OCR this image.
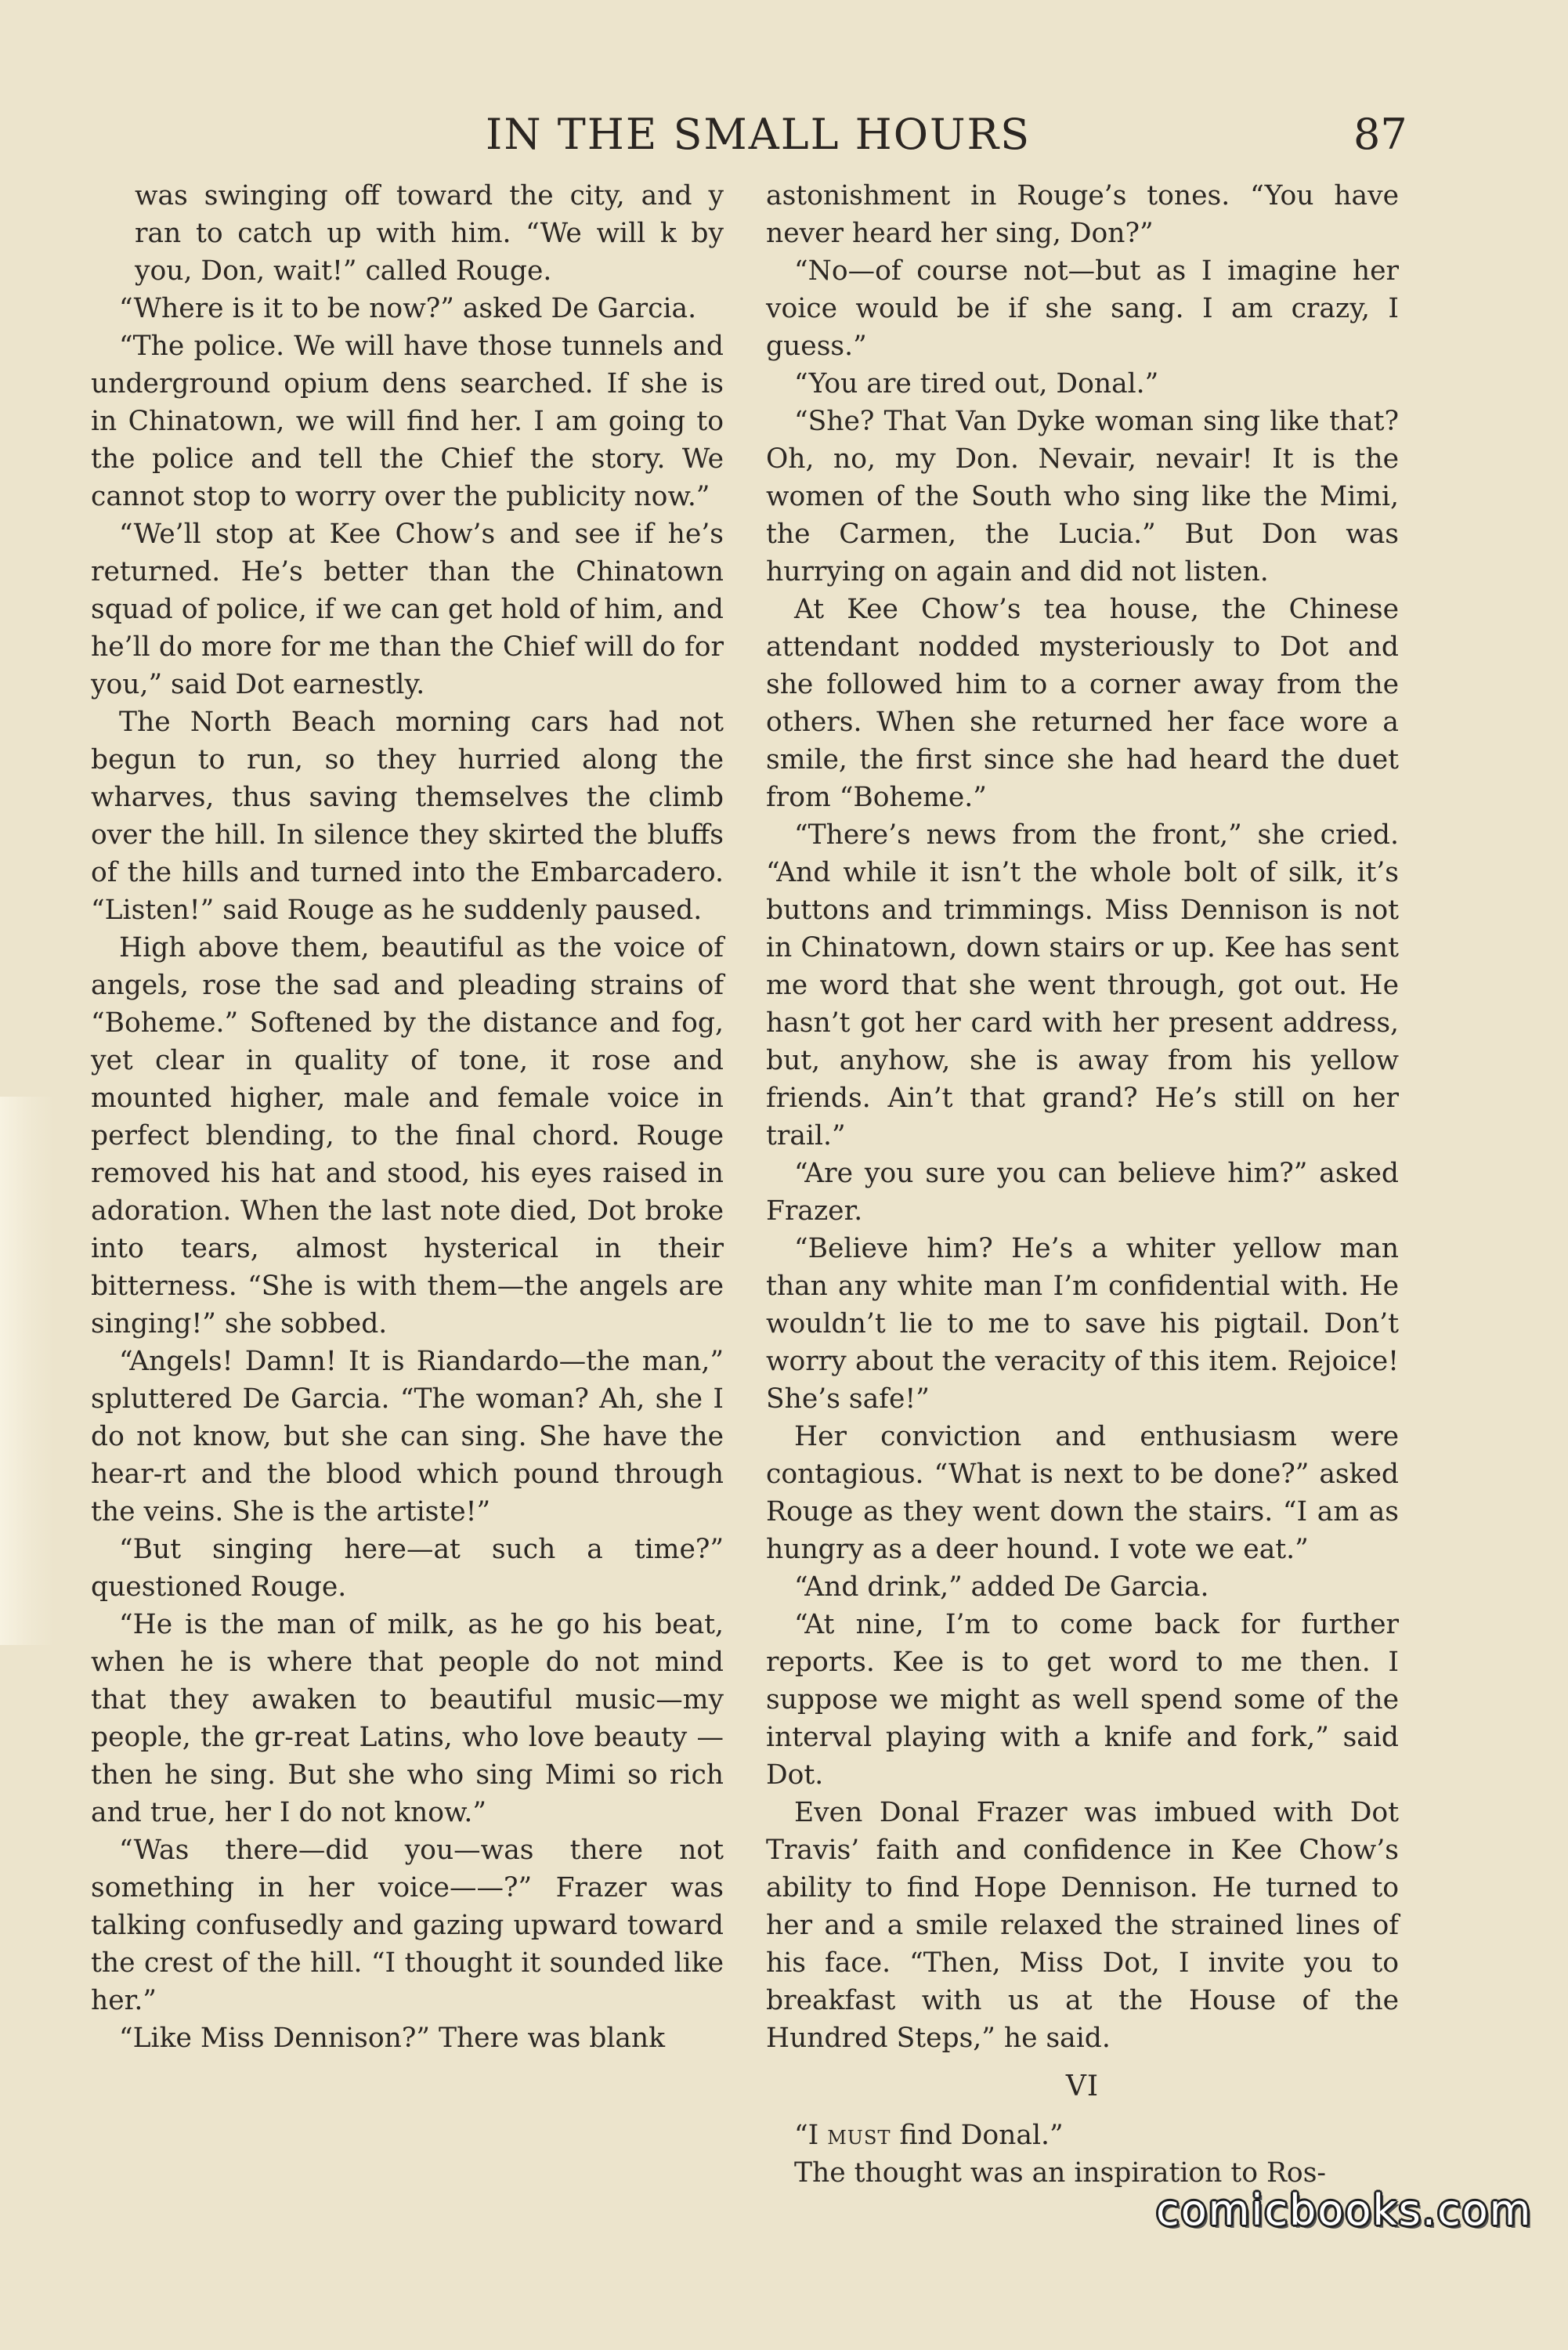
IN THE SMALL HOURS	87

was swinging off toward the city, and y ran to catch up with him. “We will k by you, Don, wait!” called Rouge.

“Where is it to be now?” asked De Garcia.

“The police. We will have those tunnels and underground opium dens searched. If she is in Chinatown, we will find her. I am going to the police and tell the Chief the story. We cannot stop to worry over the publicity now.”

“We’ll stop at Kee Chow’s and see if he’s returned. He’s better than the Chinatown squad of police, if we can get hold of him, and he’ll do more for me than the Chief will do for you,” said Dot earnestly.

The North Beach morning cars had not begun to run, so they hurried along the wharves, thus saving themselves the climb over the hill. In silence they skirted the bluffs of the hills and turned into the Embarcadero. “Listen!” said Rouge as he suddenly paused.

High above them, beautiful as the voice of angels, rose the sad and pleading strains of “Boheme.” Softened by the distance and fog, yet clear in quality of tone, it rose and mounted higher, male and female voice in perfect blending, to the final chord. Rouge removed his hat and stood, his eyes raised in adoration. When the last note died, Dot broke into tears, almost hysterical in their bitterness. “She is with them—the angels are singing!” she sobbed.

“Angels! Damn! It is Riandardo—the man,” spluttered De Garcia. “The woman? Ah, she I do not know, but she can sing. She have the hear-rt and the blood which pound through the veins. She is the artiste!”

“But singing here—at such a time?” questioned Rouge.

“He is the man of milk, as he go his beat, when he is where that people do not mind that they awaken to beautiful music—my people, the gr-reat Latins, who love beauty —then he sing. But she who sing Mimi so rich and true, her I do not know.”

“Was there—did you—was there not something in her voice——?” Frazer was talking confusedly and gazing upward toward the crest of the hill. “I thought it sounded like her.”

“Like Miss Dennison?” There was blank

astonishment in Rouge’s tones. “You have never heard her sing, Don?”

“No—of course not—but as I imagine her voice would be if she sang. I am crazy, I guess.”

“You are tired out, Donal.”

“She? That Van Dyke woman sing like that? Oh, no, my Don. Nevair, nevair! It is the women of the South who sing like the Mimi, the Carmen, the Lucia.” But Don was hurrying on again and did not listen.

At Kee Chow’s tea house, the Chinese attendant nodded mysteriously to Dot and she followed him to a corner away from the others. When she returned her face wore a smile, the first since she had heard the duet from “Boheme.”

“There’s news from the front,” she cried. “And while it isn’t the whole bolt of silk, it’s buttons and trimmings. Miss Dennison is not in Chinatown, down stairs or up. Kee has sent me word that she went through, got out. He hasn’t got her card with her present address, but, anyhow, she is away from his yellow friends. Ain’t that grand? He’s still on her trail.”

“Are you sure you can believe him?” asked Frazer.

“Believe him? He’s a whiter yellow man than any white man I’m confidential with. He wouldn’t lie to me to save his pigtail. Don’t worry about the veracity of this item. Rejoice! She’s safe!”

Her conviction and enthusiasm were contagious. “What is next to be done?” asked Rouge as they went down the stairs. “I am as hungry as a deer hound. I vote we eat.”

“And drink,” added De Garcia.

“At nine, I’m to come back for further reports. Kee is to get word to me then. I suppose we might as well spend some of the interval playing with a knife and fork,” said Dot.

Even Donal Frazer was imbued with Dot Travis’ faith and confidence in Kee Chow’s ability to find Hope Dennison. He turned to her and a smile relaxed the strained lines of his face. “Then, Miss Dot, I invite you to breakfast with us at the House of the Hundred Steps,” he said.

VI

“I must find Donal.”

The thought was an inspiration to Ros-

comicbooks.com
